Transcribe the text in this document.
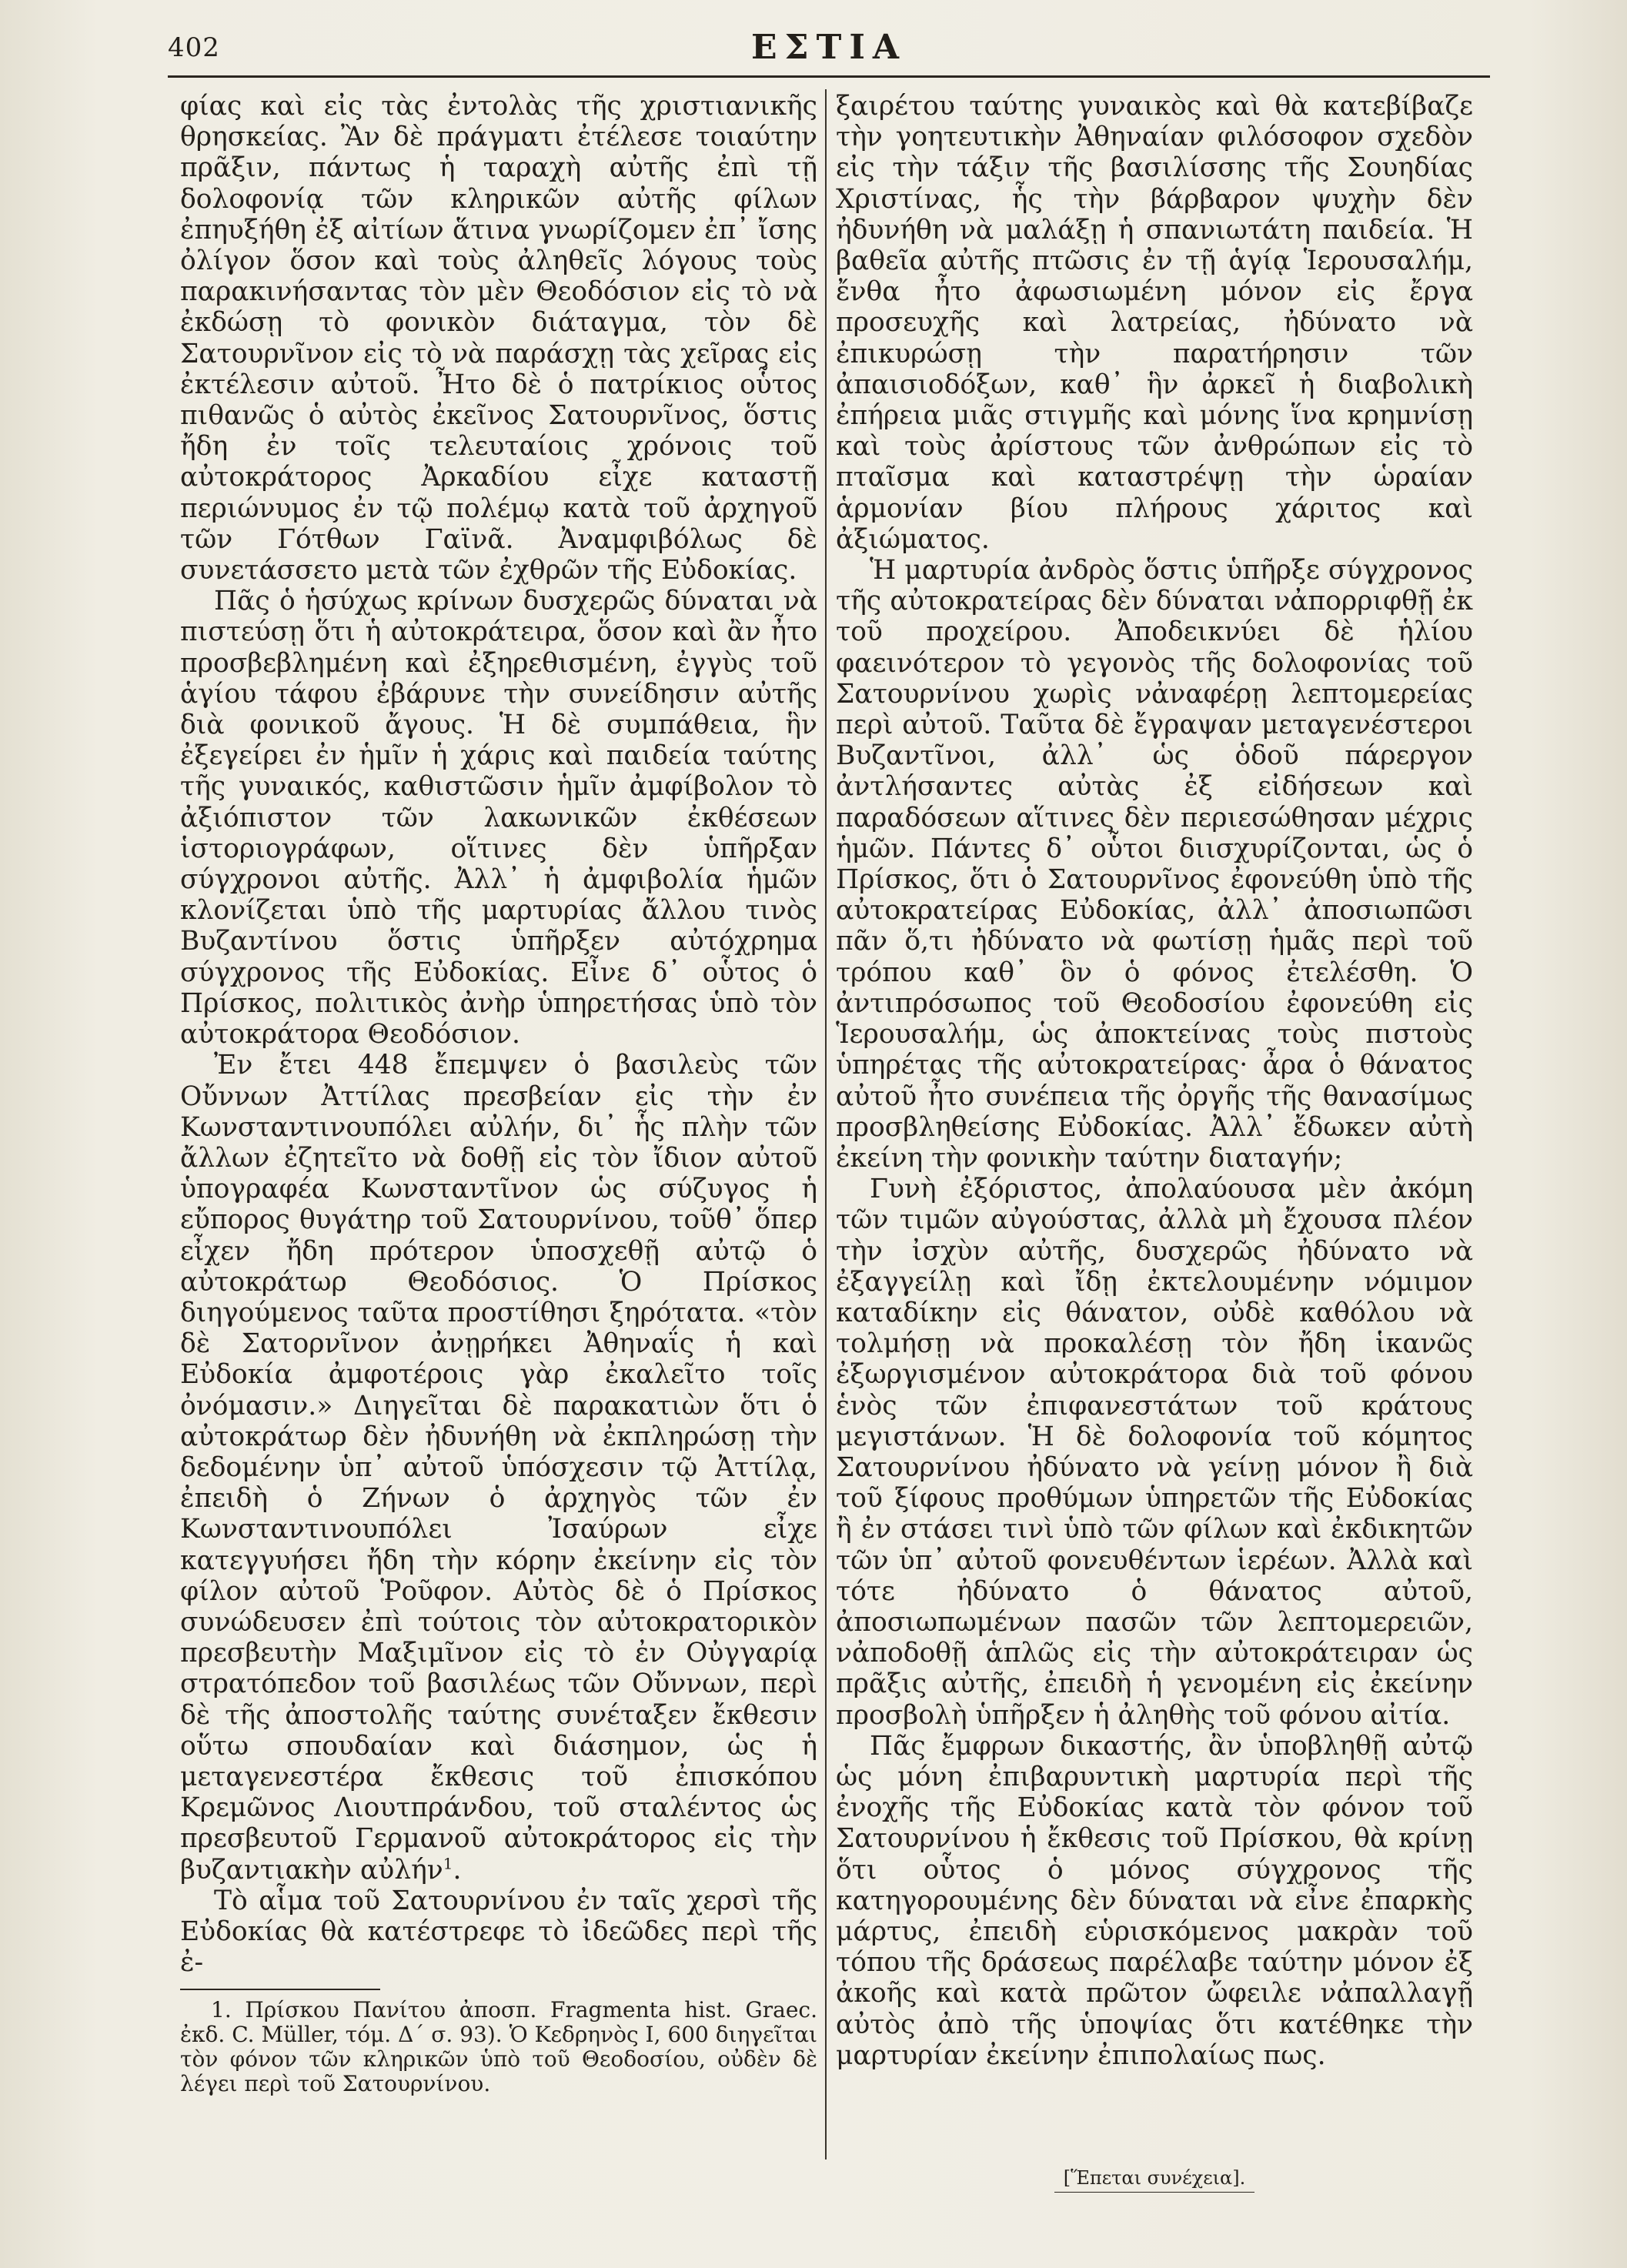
402	ΕΣΤΙΑ

φίας καὶ εἰς τὰς ἐντολὰς τῆς χριστιανικῆς θρησκείας. Ἂν δὲ πράγματι ἐτέλεσε τοιαύτην πρᾶξιν, πάντως ἡ ταραχὴ αὐτῆς ἐπὶ τῇ δολοφονίᾳ τῶν κληρικῶν αὐτῆς φίλων ἐπηυξήθη ἐξ αἰτίων ἅτινα γνωρίζομεν ἐπ᾿ ἴσης ὀλίγον ὅσον καὶ τοὺς ἀληθεῖς λόγους τοὺς παρακινήσαντας τὸν μὲν Θεοδόσιον εἰς τὸ νὰ ἐκδώσῃ τὸ φονικὸν διάταγμα, τὸν δὲ Σατουρνῖνον εἰς τὸ νὰ παράσχῃ τὰς χεῖρας εἰς ἐκτέλεσιν αὐτοῦ. Ἦτο δὲ ὁ πατρίκιος οὗτος πιθανῶς ὁ αὐτὸς ἐκεῖνος Σατουρνῖνος, ὅστις ἤδη ἐν τοῖς τελευταίοις χρόνοις τοῦ αὐτοκράτορος Ἀρκαδίου εἶχε καταστῇ περιώνυμος ἐν τῷ πολέμῳ κατὰ τοῦ ἀρχηγοῦ τῶν Γότθων Γαϊνᾶ. Ἀναμφιβόλως δὲ συνετάσσετο μετὰ τῶν ἐχθρῶν τῆς Εὐδοκίας.

Πᾶς ὁ ἡσύχως κρίνων δυσχερῶς δύναται νὰ πιστεύσῃ ὅτι ἡ αὐτοκράτειρα, ὅσον καὶ ἂν ἦτο προσβεβλημένη καὶ ἐξηρεθισμένη, ἐγγὺς τοῦ ἁγίου τάφου ἐβάρυνε τὴν συνείδησιν αὐτῆς διὰ φονικοῦ ἄγους. Ἡ δὲ συμπάθεια, ἣν ἐξεγείρει ἐν ἡμῖν ἡ χάρις καὶ παιδεία ταύτης τῆς γυναικός, καθιστῶσιν ἡμῖν ἀμφίβολον τὸ ἀξιόπιστον τῶν λακωνικῶν ἐκθέσεων ἱστοριογράφων, οἵτινες δὲν ὑπῆρξαν σύγχρονοι αὐτῆς. Ἀλλ᾿ ἡ ἀμφιβολία ἡμῶν κλονίζεται ὑπὸ τῆς μαρτυρίας ἄλλου τινὸς Βυζαντίνου ὅστις ὑπῆρξεν αὐτόχρημα σύγχρονος τῆς Εὐδοκίας. Εἶνε δ᾿ οὗτος ὁ Πρίσκος, πολιτικὸς ἀνὴρ ὑπηρετήσας ὑπὸ τὸν αὐτοκράτορα Θεοδόσιον.

Ἐν ἔτει 448 ἔπεμψεν ὁ βασιλεὺς τῶν Οὔννων Ἀττίλας πρεσβείαν εἰς τὴν ἐν Κωνσταντινουπόλει αὐλήν, δι᾿ ἧς πλὴν τῶν ἄλλων ἐζητεῖτο νὰ δοθῇ εἰς τὸν ἴδιον αὐτοῦ ὑπογραφέα Κωνσταντῖνον ὡς σύζυγος ἡ εὔπορος θυγάτηρ τοῦ Σατουρνίνου, τοῦθ᾿ ὅπερ εἶχεν ἤδη πρότερον ὑποσχεθῇ αὐτῷ ὁ αὐτοκράτωρ Θεοδόσιος. Ὁ Πρίσκος διηγούμενος ταῦτα προστίθησι ξηρότατα. «τὸν δὲ Σατορνῖνον ἀνῃρήκει Ἀθηναΐς ἡ καὶ Εὐδοκία ἀμφοτέροις γὰρ ἐκαλεῖτο τοῖς ὀνόμασιν.» Διηγεῖται δὲ παρακατιὼν ὅτι ὁ αὐτοκράτωρ δὲν ἠδυνήθη νὰ ἐκπληρώσῃ τὴν δεδομένην ὑπ᾿ αὐτοῦ ὑπόσχεσιν τῷ Ἀττίλᾳ, ἐπειδὴ ὁ Ζήνων ὁ ἀρχηγὸς τῶν ἐν Κωνσταντινουπόλει Ἰσαύρων εἶχε κατεγγυήσει ἤδη τὴν κόρην ἐκείνην εἰς τὸν φίλον αὐτοῦ Ῥοῦφον. Αὐτὸς δὲ ὁ Πρίσκος συνώδευσεν ἐπὶ τούτοις τὸν αὐτοκρατορικὸν πρεσβευτὴν Μαξιμῖνον εἰς τὸ ἐν Οὐγγαρίᾳ στρατόπεδον τοῦ βασιλέως τῶν Οὔννων, περὶ δὲ τῆς ἀποστολῆς ταύτης συνέταξεν ἔκθεσιν οὕτω σπουδαίαν καὶ διάσημον, ὡς ἡ μεταγενεστέρα ἔκθεσις τοῦ ἐπισκόπου Κρεμῶνος Λιουτπράνδου, τοῦ σταλέντος ὡς πρεσβευτοῦ Γερμανοῦ αὐτοκράτορος εἰς τὴν βυζαντιακὴν αὐλήν$^1$.

Τὸ αἷμα τοῦ Σατουρνίνου ἐν ταῖς χερσὶ τῆς Εὐδοκίας θὰ κατέστρεφε τὸ ἰδεῶδες περὶ τῆς ἐ-

1. Πρίσκου Πανίτου ἀποσπ. Fragmenta hist. Graec. ἐκδ. C. Müller, τόμ. Δ΄ σ. 93). Ὁ Κεδρηνὸς Ι, 600 διηγεῖται τὸν φόνον τῶν κληρικῶν ὑπὸ τοῦ Θεοδοσίου, οὐδὲν δὲ λέγει περὶ τοῦ Σατουρνίνου.

ξαιρέτου ταύτης γυναικὸς καὶ θὰ κατεβίβαζε τὴν γοητευτικὴν Ἀθηναίαν φιλόσοφον σχεδὸν εἰς τὴν τάξιν τῆς βασιλίσσης τῆς Σουηδίας Χριστίνας, ἧς τὴν βάρβαρον ψυχὴν δὲν ἠδυνήθη νὰ μαλάξῃ ἡ σπανιωτάτη παιδεία. Ἡ βαθεῖα αὐτῆς πτῶσις ἐν τῇ ἁγίᾳ Ἱερουσαλήμ, ἔνθα ἦτο ἀφωσιωμένη μόνον εἰς ἔργα προσευχῆς καὶ λατρείας, ἠδύνατο νὰ ἐπικυρώσῃ τὴν παρατήρησιν τῶν ἀπαισιοδόξων, καθ᾿ ἣν ἀρκεῖ ἡ διαβολικὴ ἐπήρεια μιᾶς στιγμῆς καὶ μόνης ἵνα κρημνίσῃ καὶ τοὺς ἀρίστους τῶν ἀνθρώπων εἰς τὸ πταῖσμα καὶ καταστρέψῃ τὴν ὡραίαν ἁρμονίαν βίου πλήρους χάριτος καὶ ἀξιώματος.

Ἡ μαρτυρία ἀνδρὸς ὅστις ὑπῆρξε σύγχρονος τῆς αὐτοκρατείρας δὲν δύναται νἀπορριφθῇ ἐκ τοῦ προχείρου. Ἀποδεικνύει δὲ ἡλίου φαεινότερον τὸ γεγονὸς τῆς δολοφονίας τοῦ Σατουρνίνου χωρὶς νἀναφέρῃ λεπτομερείας περὶ αὐτοῦ. Ταῦτα δὲ ἔγραψαν μεταγενέστεροι Βυζαντῖνοι, ἀλλ᾿ ὡς ὁδοῦ πάρεργον ἀντλήσαντες αὐτὰς ἐξ εἰδήσεων καὶ παραδόσεων αἵτινες δὲν περιεσώθησαν μέχρις ἡμῶν. Πάντες δ᾿ οὗτοι διισχυρίζονται, ὡς ὁ Πρίσκος, ὅτι ὁ Σατουρνῖνος ἐφονεύθη ὑπὸ τῆς αὐτοκρατείρας Εὐδοκίας, ἀλλ᾿ ἀποσιωπῶσι πᾶν ὅ,τι ἠδύνατο νὰ φωτίσῃ ἡμᾶς περὶ τοῦ τρόπου καθ᾿ ὃν ὁ φόνος ἐτελέσθη. Ὁ ἀντιπρόσωπος τοῦ Θεοδοσίου ἐφονεύθη εἰς Ἱερουσαλήμ, ὡς ἀποκτείνας τοὺς πιστοὺς ὑπηρέτας τῆς αὐτοκρατείρας· ἆρα ὁ θάνατος αὐτοῦ ἦτο συνέπεια τῆς ὀργῆς τῆς θανασίμως προσβληθείσης Εὐδοκίας. Ἀλλ᾿ ἔδωκεν αὐτὴ ἐκείνη τὴν φονικὴν ταύτην διαταγήν;

Γυνὴ ἐξόριστος, ἀπολαύουσα μὲν ἀκόμη τῶν τιμῶν αὐγούστας, ἀλλὰ μὴ ἔχουσα πλέον τὴν ἰσχὺν αὐτῆς, δυσχερῶς ἠδύνατο νὰ ἐξαγγείλῃ καὶ ἴδῃ ἐκτελουμένην νόμιμον καταδίκην εἰς θάνατον, οὐδὲ καθόλου νὰ τολμήσῃ νὰ προκαλέσῃ τὸν ἤδη ἱκανῶς ἐξωργισμένον αὐτοκράτορα διὰ τοῦ φόνου ἑνὸς τῶν ἐπιφανεστάτων τοῦ κράτους μεγιστάνων. Ἡ δὲ δολοφονία τοῦ κόμητος Σατουρνίνου ἠδύνατο νὰ γείνῃ μόνον ἢ διὰ τοῦ ξίφους προθύμων ὑπηρετῶν τῆς Εὐδοκίας ἢ ἐν στάσει τινὶ ὑπὸ τῶν φίλων καὶ ἐκδικητῶν τῶν ὑπ᾿ αὐτοῦ φονευθέντων ἱερέων. Ἀλλὰ καὶ τότε ἠδύνατο ὁ θάνατος αὐτοῦ, ἀποσιωπωμένων πασῶν τῶν λεπτομερειῶν, νἀποδοθῇ ἁπλῶς εἰς τὴν αὐτοκράτειραν ὡς πρᾶξις αὐτῆς, ἐπειδὴ ἡ γενομένη εἰς ἐκείνην προσβολὴ ὑπῆρξεν ἡ ἀληθὴς τοῦ φόνου αἰτία.

Πᾶς ἔμφρων δικαστής, ἂν ὑποβληθῇ αὐτῷ ὡς μόνη ἐπιβαρυντικὴ μαρτυρία περὶ τῆς ἐνοχῆς τῆς Εὐδοκίας κατὰ τὸν φόνον τοῦ Σατουρνίνου ἡ ἔκθεσις τοῦ Πρίσκου, θὰ κρίνῃ ὅτι οὗτος ὁ μόνος σύγχρονος τῆς κατηγορουμένης δὲν δύναται νὰ εἶνε ἐπαρκὴς μάρτυς, ἐπειδὴ εὑρισκόμενος μακρὰν τοῦ τόπου τῆς δράσεως παρέλαβε ταύτην μόνον ἐξ ἀκοῆς καὶ κατὰ πρῶτον ὤφειλε νἀπαλλαγῇ αὐτὸς ἀπὸ τῆς ὑποψίας ὅτι κατέθηκε τὴν μαρτυρίαν ἐκείνην ἐπιπολαίως πως.

[Ἕπεται συνέχεια].
